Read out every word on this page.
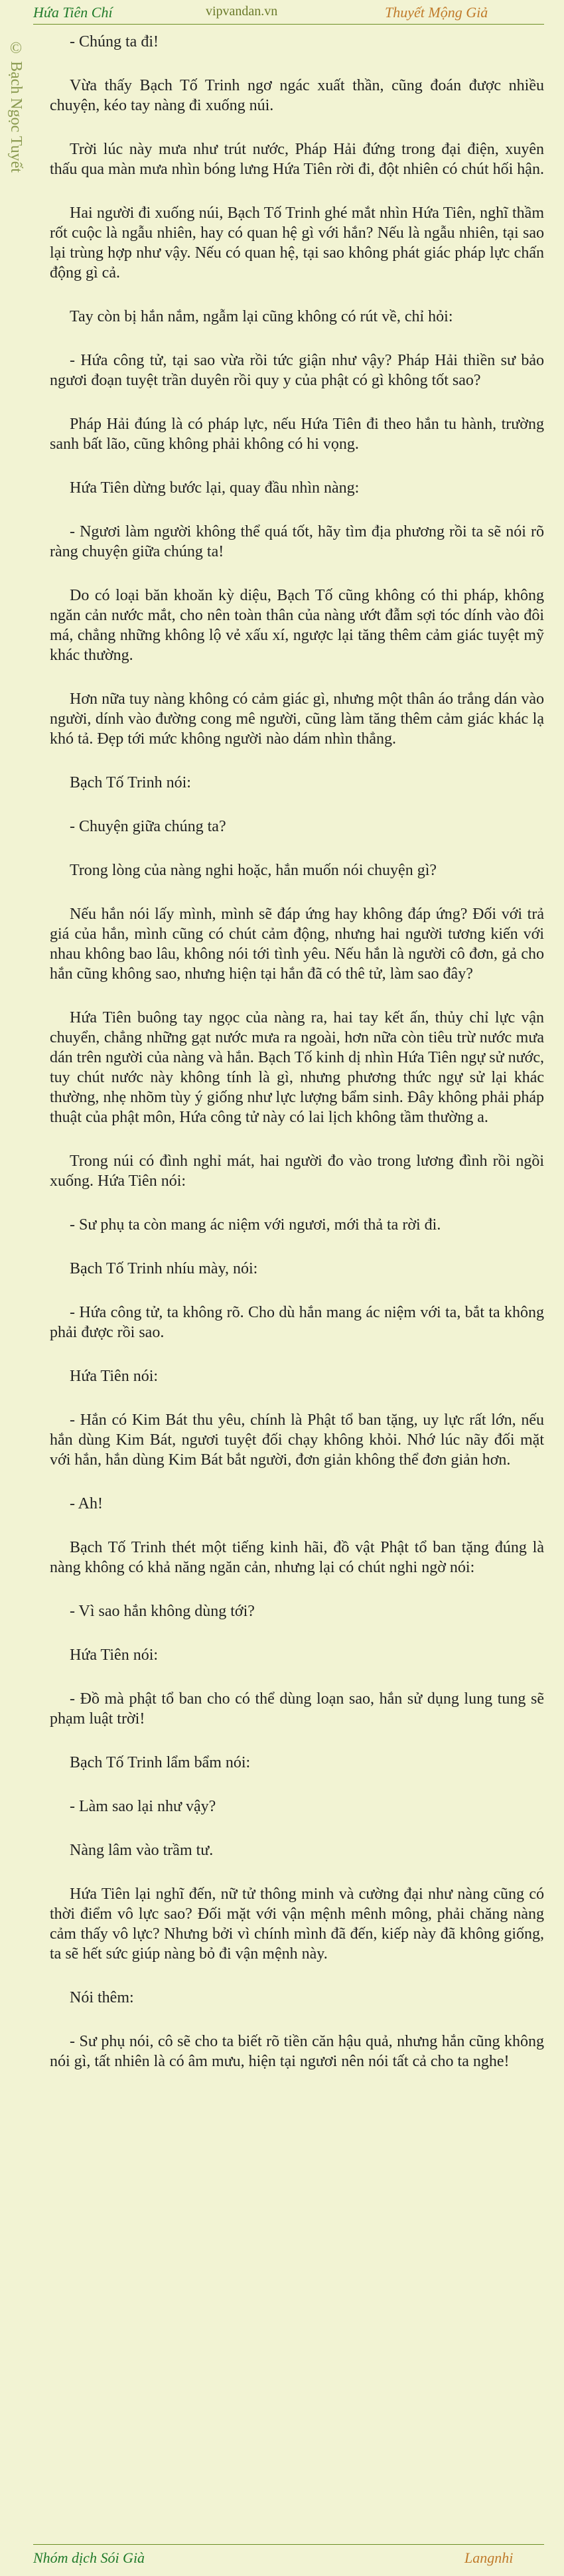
Hứa Tiên Chí	vipvandan.vn	Thuyết Mộng Giả
© Bạch Ngọc Tuyết	- Chúng ta đi!

Vừa thấy Bạch Tố Trinh ngơ ngác xuất thần, cũng đoán được nhiều chuyện, kéo tay nàng đi xuống núi.

Trời lúc này mưa như trút nước, Pháp Hải đứng trong đại điện, xuyên thấu qua màn mưa nhìn bóng lưng Hứa Tiên rời đi, đột nhiên có chút hối hận.

Hai người đi xuống núi, Bạch Tố Trinh ghé mắt nhìn Hứa Tiên, nghĩ thầm rốt cuộc là ngẫu nhiên, hay có quan hệ gì với hắn? Nếu là ngẫu nhiên, tại sao lại trùng hợp như vậy. Nếu có quan hệ, tại sao không phát giác pháp lực chấn động gì cả.

Tay còn bị hắn nắm, ngẫm lại cũng không có rút về, chỉ hỏi:

- Hứa công tử, tại sao vừa rồi tức giận như vậy? Pháp Hải thiền sư bảo ngươi đoạn tuyệt trần duyên rồi quy y của phật có gì không tốt sao?

Pháp Hải đúng là có pháp lực, nếu Hứa Tiên đi theo hắn tu hành, trường sanh bất lão, cũng không phải không có hi vọng.

Hứa Tiên dừng bước lại, quay đầu nhìn nàng:

- Ngươi làm người không thể quá tốt, hãy tìm địa phương rồi ta sẽ nói rõ ràng chuyện giữa chúng ta!

Do có loại băn khoăn kỳ diệu, Bạch Tố cũng không có thi pháp, không ngăn cản nước mắt, cho nên toàn thân của nàng ướt đẫm sợi tóc dính vào đôi má, chẳng những không lộ vẻ xấu xí, ngược lại tăng thêm cảm giác tuyệt mỹ khác thường.

Hơn nữa tuy nàng không có cảm giác gì, nhưng một thân áo trắng dán vào người, dính vào đường cong mê người, cũng làm tăng thêm cảm giác khác lạ khó tả. Đẹp tới mức không người nào dám nhìn thẳng.

Bạch Tố Trinh nói:

- Chuyện giữa chúng ta?

Trong lòng của nàng nghi hoặc, hắn muốn nói chuyện gì?

Nếu hắn nói lấy mình, mình sẽ đáp ứng hay không đáp ứng? Đối với trả giá của hắn, mình cũng có chút cảm động, nhưng hai người tương kiến với nhau không bao lâu, không nói tới tình yêu. Nếu hắn là người cô đơn, gả cho hắn cũng không sao, nhưng hiện tại hắn đã có thê tử, làm sao đây?

Hứa Tiên buông tay ngọc của nàng ra, hai tay kết ấn, thủy chỉ lực vận chuyển, chẳng những gạt nước mưa ra ngoài, hơn nữa còn tiêu trừ nước mưa dán trên người của nàng và hắn. Bạch Tố kinh dị nhìn Hứa Tiên ngự sử nước, tuy chút nước này không tính là gì, nhưng phương thức ngự sử lại khác thường, nhẹ nhõm tùy ý giống như lực lượng bẩm sinh. Đây không phải pháp thuật của phật môn, Hứa công tử này có lai lịch không tầm thường a.

Trong núi có đình nghỉ mát, hai người đo vào trong lương đình rồi ngồi xuống. Hứa Tiên nói:

- Sư phụ ta còn mang ác niệm với ngươi, mới thả ta rời đi.

Bạch Tố Trinh nhíu mày, nói:

- Hứa công tử, ta không rõ. Cho dù hắn mang ác niệm với ta, bắt ta không phải được rồi sao.

Hứa Tiên nói:

- Hắn có Kim Bát thu yêu, chính là Phật tổ ban tặng, uy lực rất lớn, nếu hắn dùng Kim Bát, ngươi tuyệt đối chạy không khỏi. Nhớ lúc nãy đối mặt với hắn, hắn dùng Kim Bát bắt người, đơn giản không thể đơn giản hơn.

- Ah!

Bạch Tố Trinh thét một tiếng kinh hãi, đồ vật Phật tổ ban tặng đúng là nàng không có khả năng ngăn cản, nhưng lại có chút nghi ngờ nói:

- Vì sao hắn không dùng tới?

Hứa Tiên nói:

- Đồ mà phật tổ ban cho có thể dùng loạn sao, hắn sử dụng lung tung sẽ phạm luật trời!

Bạch Tố Trinh lẩm bẩm nói:

- Làm sao lại như vậy?

Nàng lâm vào trầm tư.

Hứa Tiên lại nghĩ đến, nữ tử thông minh và cường đại như nàng cũng có thời điểm vô lực sao? Đối mặt với vận mệnh mênh mông, phải chăng nàng cảm thấy vô lực? Nhưng bởi vì chính mình đã đến, kiếp này đã không giống, ta sẽ hết sức giúp nàng bỏ đi vận mệnh này.

Nói thêm:

- Sư phụ nói, cô sẽ cho ta biết rõ tiền căn hậu quả, nhưng hắn cũng không nói gì, tất nhiên là có âm mưu, hiện tại ngươi nên nói tất cả cho ta nghe!

Nhóm dịch Sói Già	Langnhi
